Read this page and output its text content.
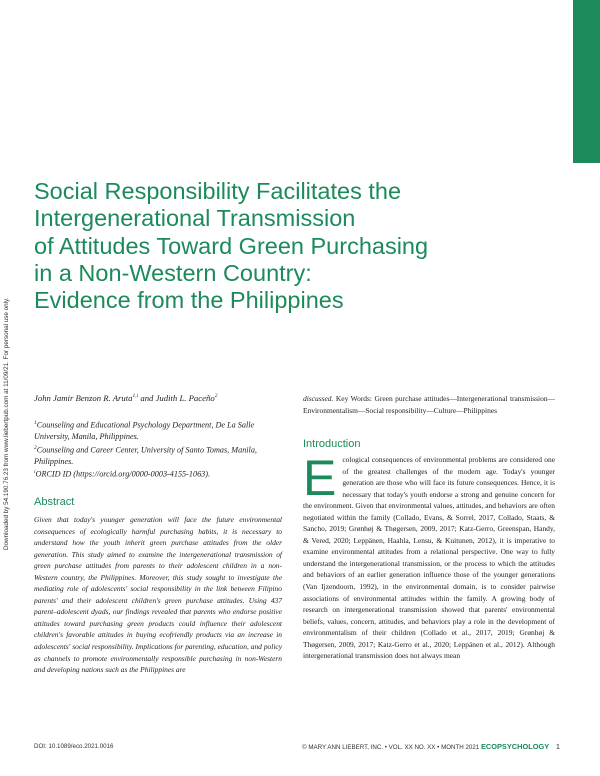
Downloaded by 54.190.76.23 from www.liebertpub.com at 11/09/21. For personal use only.
Social Responsibility Facilitates the
Intergenerational Transmission
of Attitudes Toward Green Purchasing
in a Non-Western Country:
Evidence from the Philippines

John Jamir Benzon R. Aruta$^{1,i}$ and Judith L. Paceño$^2$

$^1$Counseling and Educational Psychology Department, De La Salle University, Manila, Philippines.

$^2$Counseling and Career Center, University of Santo Tomas, Manila, Philippines.

$^i$ORCID ID (https://orcid.org/0000-0003-4155-1063).

Abstract

Given that today's younger generation will face the future environmental consequences of ecologically harmful purchasing habits, it is necessary to understand how the youth inherit green purchase attitudes from the older generation. This study aimed to examine the intergenerational transmission of green purchase attitudes from parents to their adolescent children in a non-Western country, the Philippines. Moreover, this study sought to investigate the mediating role of adolescents' social responsibility in the link between Filipino parents' and their adolescent children's green purchase attitudes. Using 437 parent–adolescent dyads, our findings revealed that parents who endorse positive attitudes toward purchasing green products could influence their adolescent children's favorable attitudes in buying ecofriendly products via an increase in adolescents' social responsibility. Implications for parenting, education, and policy as channels to promote environmentally responsible purchasing in non-Western and developing nations such as the Philippines are

discussed. Key Words: Green purchase attitudes—Intergenerational transmission—Environmentalism—Social responsibility—Culture—Philippines

Introduction

Ecological consequences of environmental problems are considered one of the greatest challenges of the modern age. Today's younger generation are those who will face its future consequences. Hence, it is necessary that today's youth endorse a strong and genuine concern for the environment. Given that environmental values, attitudes, and behaviors are often negotiated within the family (Collado, Evans, & Sorrel, 2017, Collado, Staats, & Sancho, 2019; Grønhøj & Thøgersen, 2009, 2017; Katz-Gerro, Greenspan, Handy, & Vered, 2020; Leppänen, Haahla, Lensu, & Kuitunen, 2012), it is imperative to examine environmental attitudes from a relational perspective. One way to fully understand the intergenerational transmission, or the process to which the attitudes and behaviors of an earlier generation influence those of the younger generations (Van Ijzendoorn, 1992), in the environmental domain, is to consider pairwise associations of environmental attitudes within the family. A growing body of research on intergenerational transmission showed that parents' environmental beliefs, values, concern, attitudes, and behaviors play a role in the development of environmentalism of their children (Collado et al., 2017, 2019; Grønhøj & Thøgersen, 2009, 2017; Katz-Gerro et al., 2020; Leppänen et al., 2012). Although intergenerational transmission does not always mean

DOI: 10.1089/eco.2021.0016	© MARY ANN LIEBERT, INC. • VOL. XX NO. XX • MONTH 2021 ECOPSYCHOLOGY 1
